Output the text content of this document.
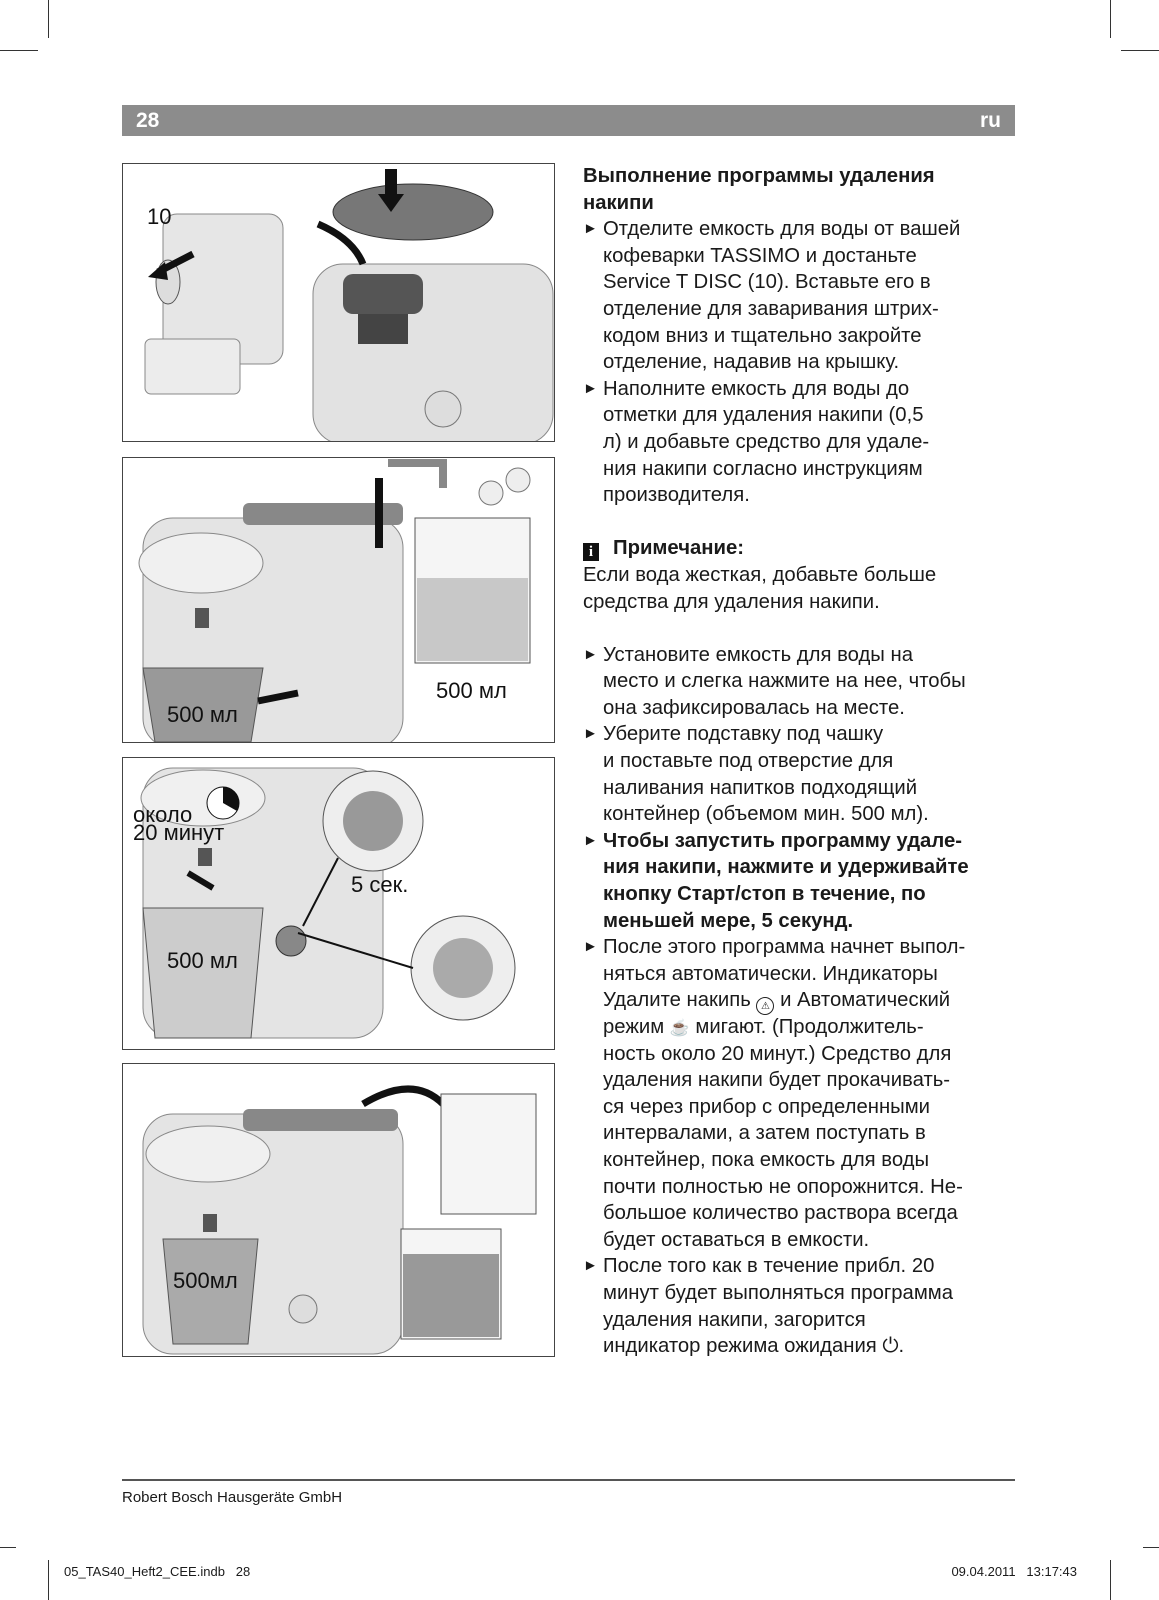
28	ru
10
500 мл
500 мл
около
20 минут
5 сек.
500 мл
500мл
Выполнение программы удаления
накипи
► Отделите емкость для воды от вашей
кофеварки TASSIMO и достаньте
Service T DISC (10). Вставьте его в
отделение для заваривания штрих-
кодом вниз и тщательно закройте
отделение, надавив на крышку.
► Наполните емкость для воды до
отметки для удаления накипи (0,5
л) и добавьте средство для удале-
ния накипи согласно инструкциям
производителя.
i Примечание:
Если вода жесткая, добавьте больше
средства для удаления накипи.
► Установите емкость для воды на
место и слегка нажмите на нее, чтобы
она зафиксировалась на месте.
► Уберите подставку под чашку
и поставьте под отверстие для
наливания напитков подходящий
контейнер (объемом мин. 500 мл).
► Чтобы запустить программу удале-
ния накипи, нажмите и удерживайте
кнопку Старт/стоп в течение, по
меньшей мере, 5 секунд.
► После этого программа начнет выпол-
няться автоматически. Индикаторы
Удалите накипь ⚠ и Автоматический
режим ☕ мигают. (Продолжитель-
ность около 20 минут.) Средство для
удаления накипи будет прокачивать-
ся через прибор с определенными
интервалами, а затем поступать в
контейнер, пока емкость для воды
почти полностью не опорожнится. Не-
большое количество раствора всегда
будет оставаться в емкости.
► После того как в течение прибл. 20
минут будет выполняться программа
удаления накипи, загорится
индикатор режима ожидания ⏻.
Robert Bosch Hausgeräte GmbH
05_TAS40_Heft2_CEE.indb   28	09.04.2011   13:17:43
